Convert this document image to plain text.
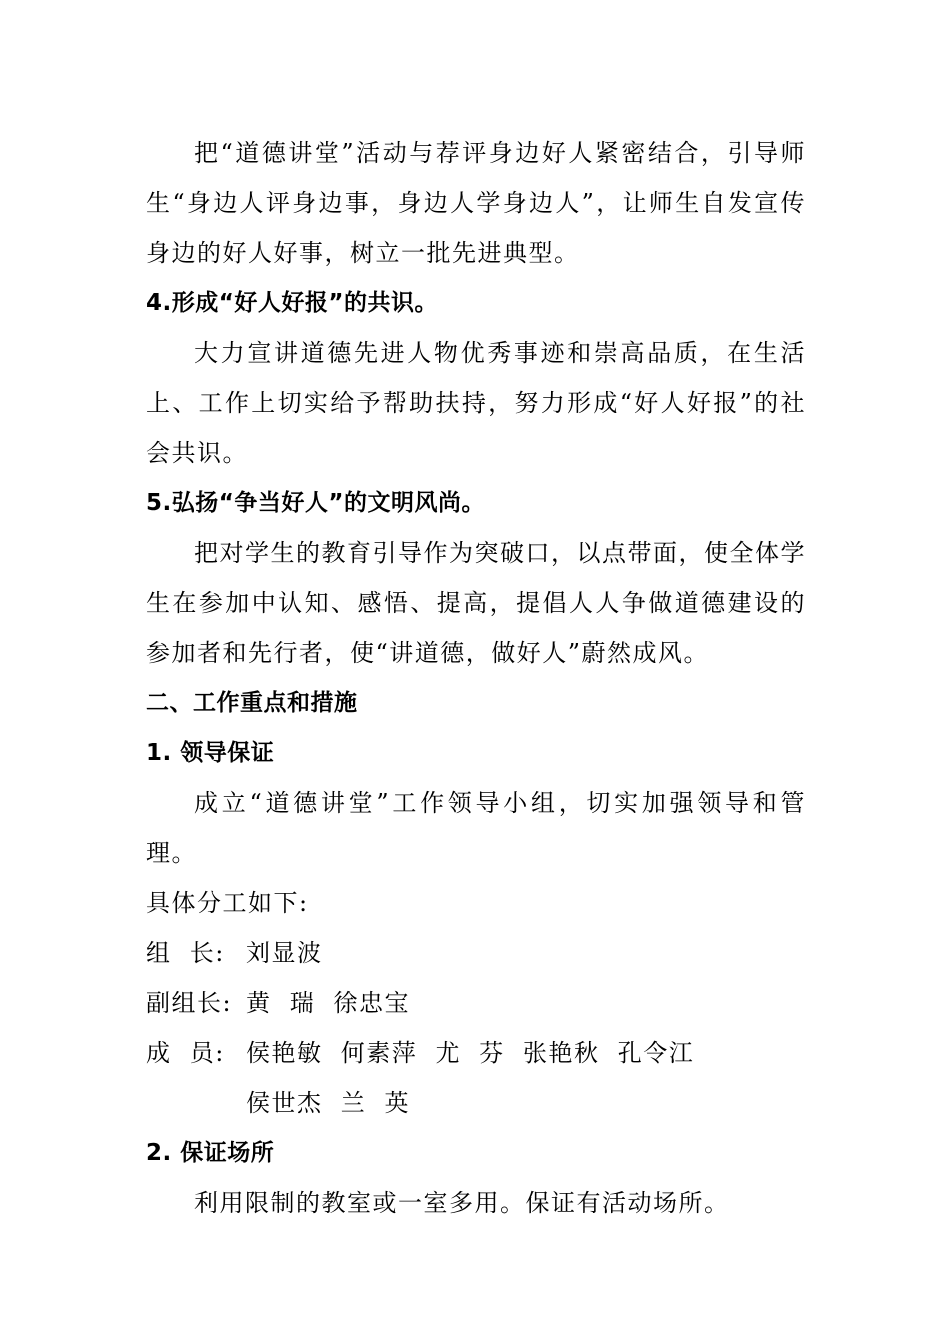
把“道德讲堂”活动与荐评身边好人紧密结合，引导师生“身边人评身边事，身边人学身边人”，让师生自发宣传身边的好人好事，树立一批先进典型。

4.形成“好人好报”的共识。

大力宣讲道德先进人物优秀事迹和崇高品质，在生活上、工作上切实给予帮助扶持，努力形成“好人好报”的社会共识。

5.弘扬“争当好人”的文明风尚。

把对学生的教育引导作为突破口，以点带面，使全体学生在参加中认知、感悟、提高，提倡人人争做道德建设的参加者和先行者，使“讲道德，做好人”蔚然成风。

二、工作重点和措施

1. 领导保证

成立“道德讲堂”工作领导小组，切实加强领导和管理。

具体分工如下:

组  长: 刘显波
副组长: 黄  瑞  徐忠宝
成  员: 侯艳敏  何素萍  尤  芬  张艳秋  孔令江
侯世杰  兰  英

2. 保证场所

利用限制的教室或一室多用。保证有活动场所。
